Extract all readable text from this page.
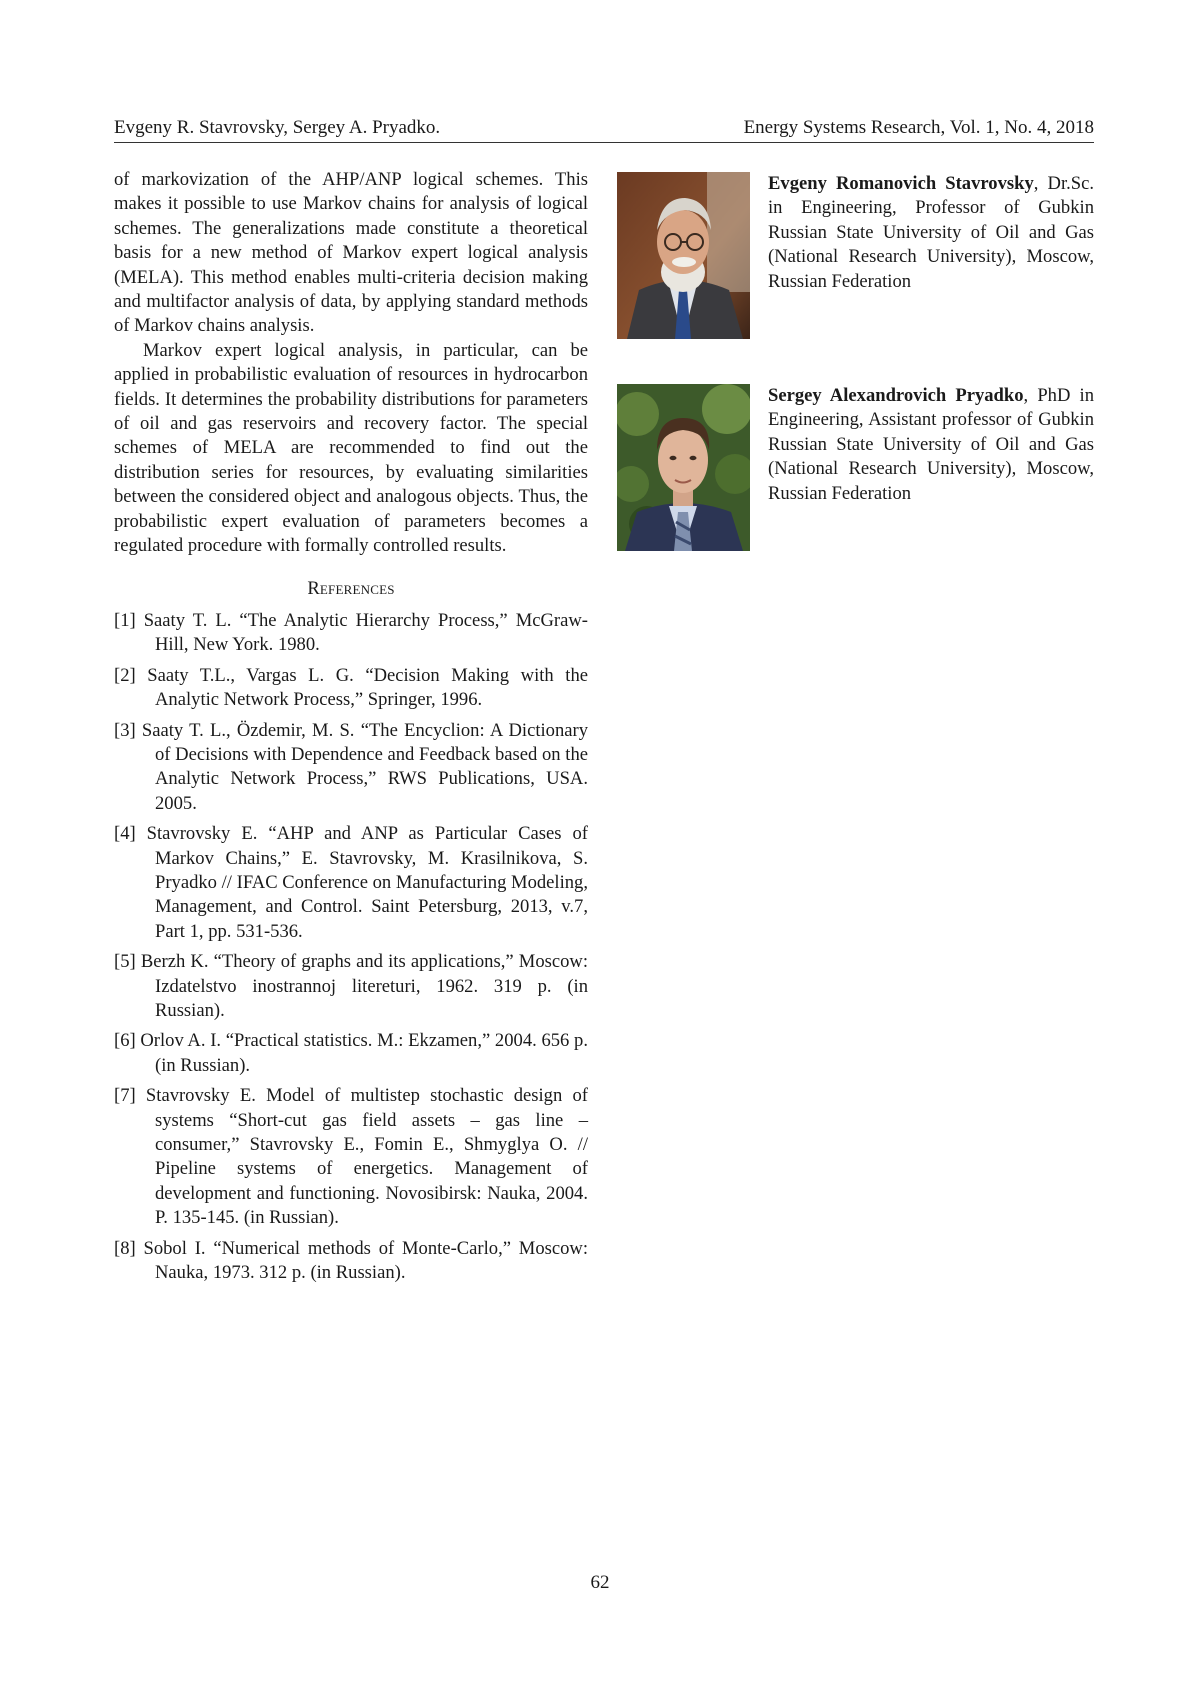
Evgeny R. Stavrovsky, Sergey A. Pryadko.	Energy Systems Research, Vol. 1, No. 4, 2018

of markovization of the AHP/ANP logical schemes. This makes it possible to use Markov chains for analysis of logical schemes. The generalizations made constitute a theoretical basis for a new method of Markov expert logical analysis (MELA). This method enables multi-criteria decision making and multifactor analysis of data, by applying standard methods of Markov chains analysis.

Markov expert logical analysis, in particular, can be applied in probabilistic evaluation of resources in hydrocarbon fields. It determines the probability distributions for parameters of oil and gas reservoirs and recovery factor. The special schemes of MELA are recommended to find out the distribution series for resources, by evaluating similarities between the considered object and analogous objects. Thus, the probabilistic expert evaluation of parameters becomes a regulated procedure with formally controlled results.

References
[1] Saaty T. L. “The Analytic Hierarchy Process,” McGraw-Hill, New York. 1980.
[2] Saaty T.L., Vargas L. G. “Decision Making with the Analytic Network Process,” Springer, 1996.
[3] Saaty T. L., Özdemir, M. S. “The Encyclion: A Dictionary of Decisions with Dependence and Feedback based on the Analytic Network Process,” RWS Publications, USA. 2005.
[4] Stavrovsky E. “AHP and ANP as Particular Cases of Markov Chains,” E. Stavrovsky, M. Krasilnikova, S. Pryadko // IFAC Conference on Manufacturing Modeling, Management, and Control. Saint Petersburg, 2013, v.7, Part 1, pp. 531-536.
[5] Berzh K. “Theory of graphs and its applications,” Moscow: Izdatelstvo inostrannoj litereturi, 1962. 319 p. (in Russian).
[6] Orlov A. I. “Practical statistics. M.: Ekzamen,” 2004. 656 p. (in Russian).
[7] Stavrovsky E. Model of multistep stochastic design of systems “Short-cut gas field assets – gas line – consumer,” Stavrovsky E., Fomin E., Shmyglya O. // Pipeline systems of energetics. Management of development and functioning. Novosibirsk: Nauka, 2004. P. 135-145. (in Russian).
[8] Sobol I. “Numerical methods of Monte-Carlo,” Moscow: Nauka, 1973. 312 p. (in Russian).
Evgeny Romanovich Stavrovsky, Dr.Sc. in Engineering, Professor of Gubkin Russian State University of Oil and Gas (National Research University), Moscow, Russian Federation
Sergey Alexandrovich Pryadko, PhD in Engineering, Assistant professor of Gubkin Russian State University of Oil and Gas (National Research University), Moscow, Russian Federation
62
